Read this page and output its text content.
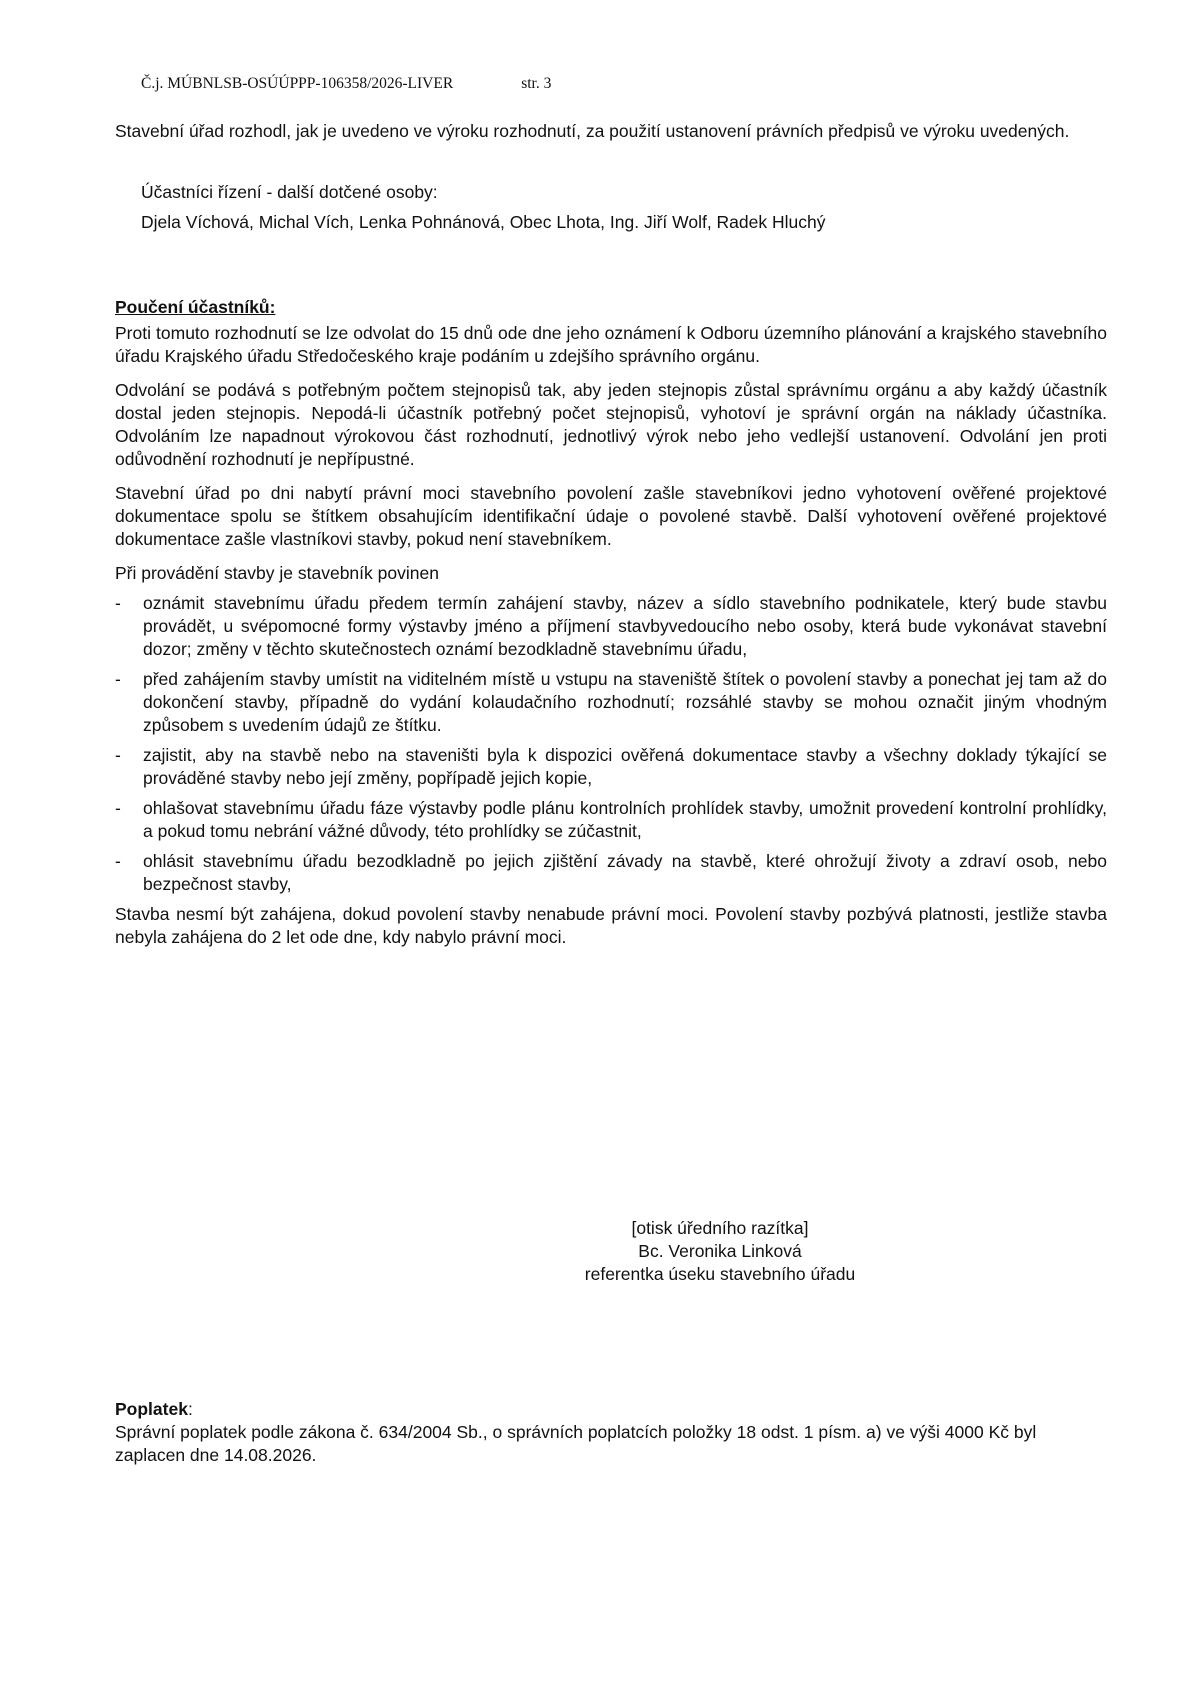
Č.j. MÚBNLSB-OSÚÚPPP-106358/2026-LIVER	str. 3

Stavební úřad rozhodl, jak je uvedeno ve výroku rozhodnutí, za použití ustanovení právních předpisů ve výroku uvedených.

Účastníci řízení - další dotčené osoby:
Djela Víchová, Michal Vích, Lenka Pohnánová, Obec Lhota, Ing. Jiří Wolf, Radek Hluchý

Poučení účastníků:

Proti tomuto rozhodnutí se lze odvolat do 15 dnů ode dne jeho oznámení k Odboru územního plánování a krajského stavebního úřadu Krajského úřadu Středočeského kraje podáním u zdejšího správního orgánu.

Odvolání se podává s potřebným počtem stejnopisů tak, aby jeden stejnopis zůstal správnímu orgánu a aby každý účastník dostal jeden stejnopis. Nepodá-li účastník potřebný počet stejnopisů, vyhotoví je správní orgán na náklady účastníka. Odvoláním lze napadnout výrokovou část rozhodnutí, jednotlivý výrok nebo jeho vedlejší ustanovení. Odvolání jen proti odůvodnění rozhodnutí je nepřípustné.

Stavební úřad po dni nabytí právní moci stavebního povolení zašle stavebníkovi jedno vyhotovení ověřené projektové dokumentace spolu se štítkem obsahujícím identifikační údaje o povolené stavbě. Další vyhotovení ověřené projektové dokumentace zašle vlastníkovi stavby, pokud není stavebníkem.

Při provádění stavby je stavebník povinen

- oznámit stavebnímu úřadu předem termín zahájení stavby, název a sídlo stavebního podnikatele, který bude stavbu provádět, u svépomocné formy výstavby jméno a příjmení stavbyvedoucího nebo osoby, která bude vykonávat stavební dozor; změny v těchto skutečnostech oznámí bezodkladně stavebnímu úřadu,
- před zahájením stavby umístit na viditelném místě u vstupu na staveniště štítek o povolení stavby a ponechat jej tam až do dokončení stavby, případně do vydání kolaudačního rozhodnutí; rozsáhlé stavby se mohou označit jiným vhodným způsobem s uvedením údajů ze štítku.
- zajistit, aby na stavbě nebo na staveništi byla k dispozici ověřená dokumentace stavby a všechny doklady týkající se prováděné stavby nebo její změny, popřípadě jejich kopie,
- ohlašovat stavebnímu úřadu fáze výstavby podle plánu kontrolních prohlídek stavby, umožnit provedení kontrolní prohlídky, a pokud tomu nebrání vážné důvody, této prohlídky se zúčastnit,
- ohlásit stavebnímu úřadu bezodkladně po jejich zjištění závady na stavbě, které ohrožují životy a zdraví osob, nebo bezpečnost stavby,

Stavba nesmí být zahájena, dokud povolení stavby nenabude právní moci. Povolení stavby pozbývá platnosti, jestliže stavba nebyla zahájena do 2 let ode dne, kdy nabylo právní moci.

[otisk úředního razítka]
Bc. Veronika Linková
referentka úseku stavebního úřadu

Poplatek:

Správní poplatek podle zákona č. 634/2004 Sb., o správních poplatcích položky 18 odst. 1 písm. a) ve výši 4000 Kč byl zaplacen dne 14.08.2026.
